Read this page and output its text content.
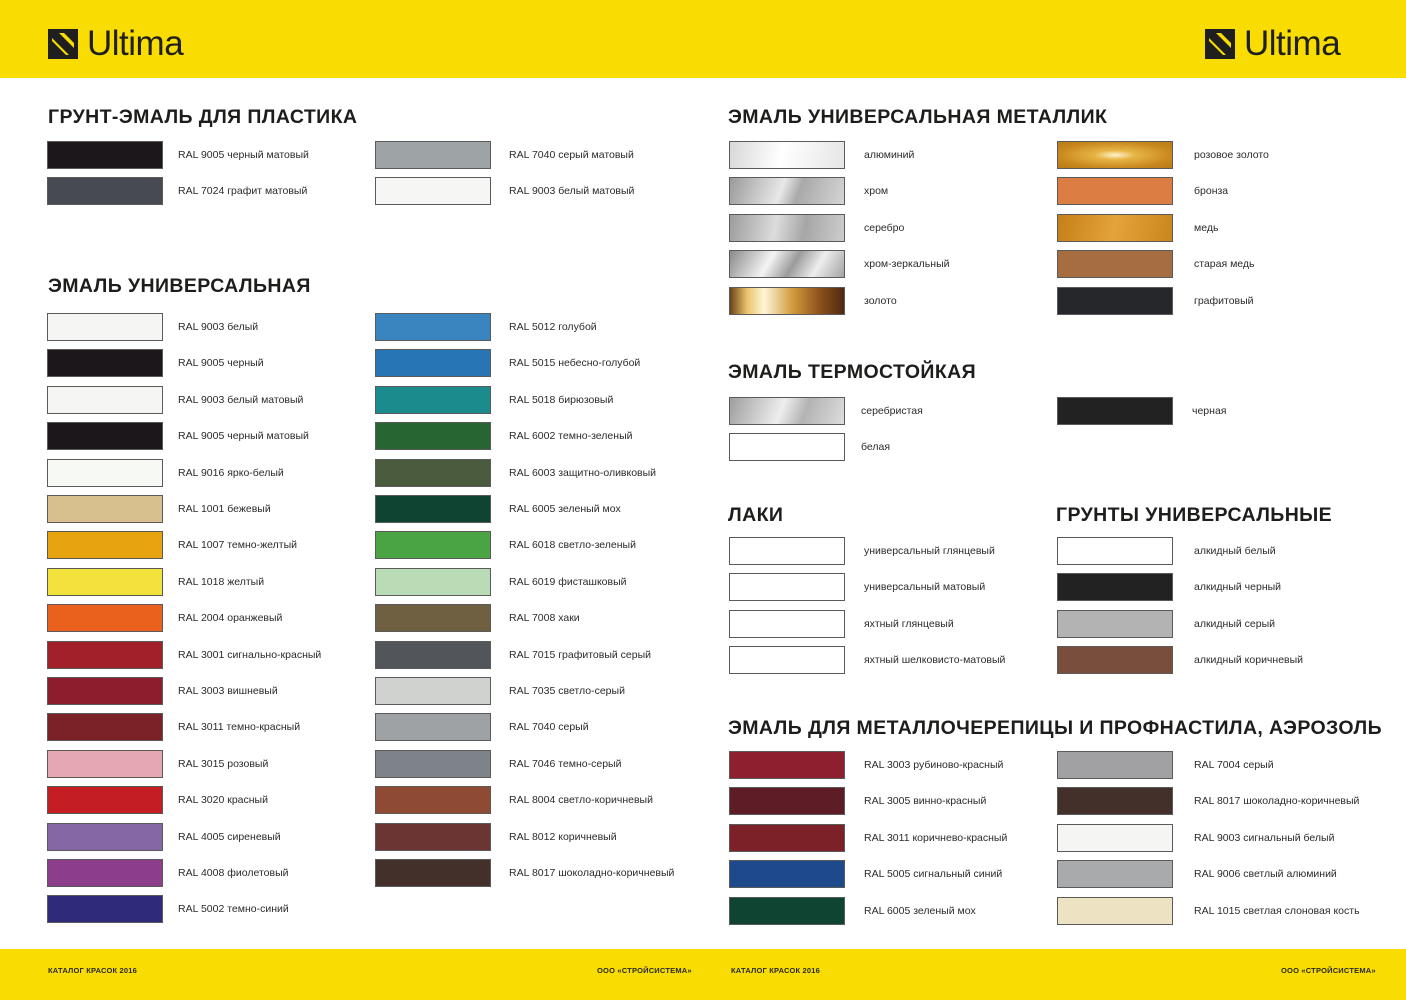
Ultima	Ultima
ГРУНТ-ЭМАЛЬ ДЛЯ ПЛАСТИКА
ЭМАЛЬ УНИВЕРСАЛЬНАЯ
ЭМАЛЬ УНИВЕРСАЛЬНАЯ МЕТАЛЛИК
ЭМАЛЬ ТЕРМОСТОЙКАЯ
ЛАКИ	ГРУНТЫ УНИВЕРСАЛЬНЫЕ
ЭМАЛЬ ДЛЯ МЕТАЛЛОЧЕРЕПИЦЫ И ПРОФНАСТИЛА, АЭРОЗОЛЬ
RAL 9005 черный матовый
RAL 7024 графит матовый
RAL 7040 серый матовый
RAL 9003 белый матовый
RAL 9003 белый
RAL 9005 черный
RAL 9003 белый матовый
RAL 9005 черный матовый
RAL 9016 ярко-белый
RAL 1001 бежевый
RAL 1007 темно-желтый
RAL 1018 желтый
RAL 2004 оранжевый
RAL 3001 сигнально-красный
RAL 3003 вишневый
RAL 3011 темно-красный
RAL 3015 розовый
RAL 3020 красный
RAL 4005 сиреневый
RAL 4008 фиолетовый
RAL 5002 темно-синий
RAL 5012 голубой
RAL 5015 небесно-голубой
RAL 5018 бирюзовый
RAL 6002 темно-зеленый
RAL 6003 защитно-оливковый
RAL 6005 зеленый мох
RAL 6018 светло-зеленый
RAL 6019 фисташковый
RAL 7008 хаки
RAL 7015 графитовый серый
RAL 7035 светло-серый
RAL 7040 серый
RAL 7046 темно-серый
RAL 8004 светло-коричневый
RAL 8012 коричневый
RAL 8017 шоколадно-коричневый
алюминий
хром
серебро
хром-зеркальный
золото
розовое золото
бронза
медь
старая медь
графитовый
серебристая
белая
черная
универсальный глянцевый
универсальный матовый
яхтный глянцевый
яхтный шелковисто-матовый
алкидный белый
алкидный черный
алкидный серый
алкидный коричневый
RAL 3003 рубиново-красный
RAL 3005 винно-красный
RAL 3011 коричнево-красный
RAL 5005 сигнальный синий
RAL 6005 зеленый мох
RAL 7004 серый
RAL 8017 шоколадно-коричневый
RAL 9003 сигнальный белый
RAL 9006 светлый алюминий
RAL 1015 светлая слоновая кость
КАТАЛОГ КРАСОК 2016	ООО «СТРОЙСИСТЕМА»	КАТАЛОГ КРАСОК 2016	ООО «СТРОЙСИСТЕМА»
